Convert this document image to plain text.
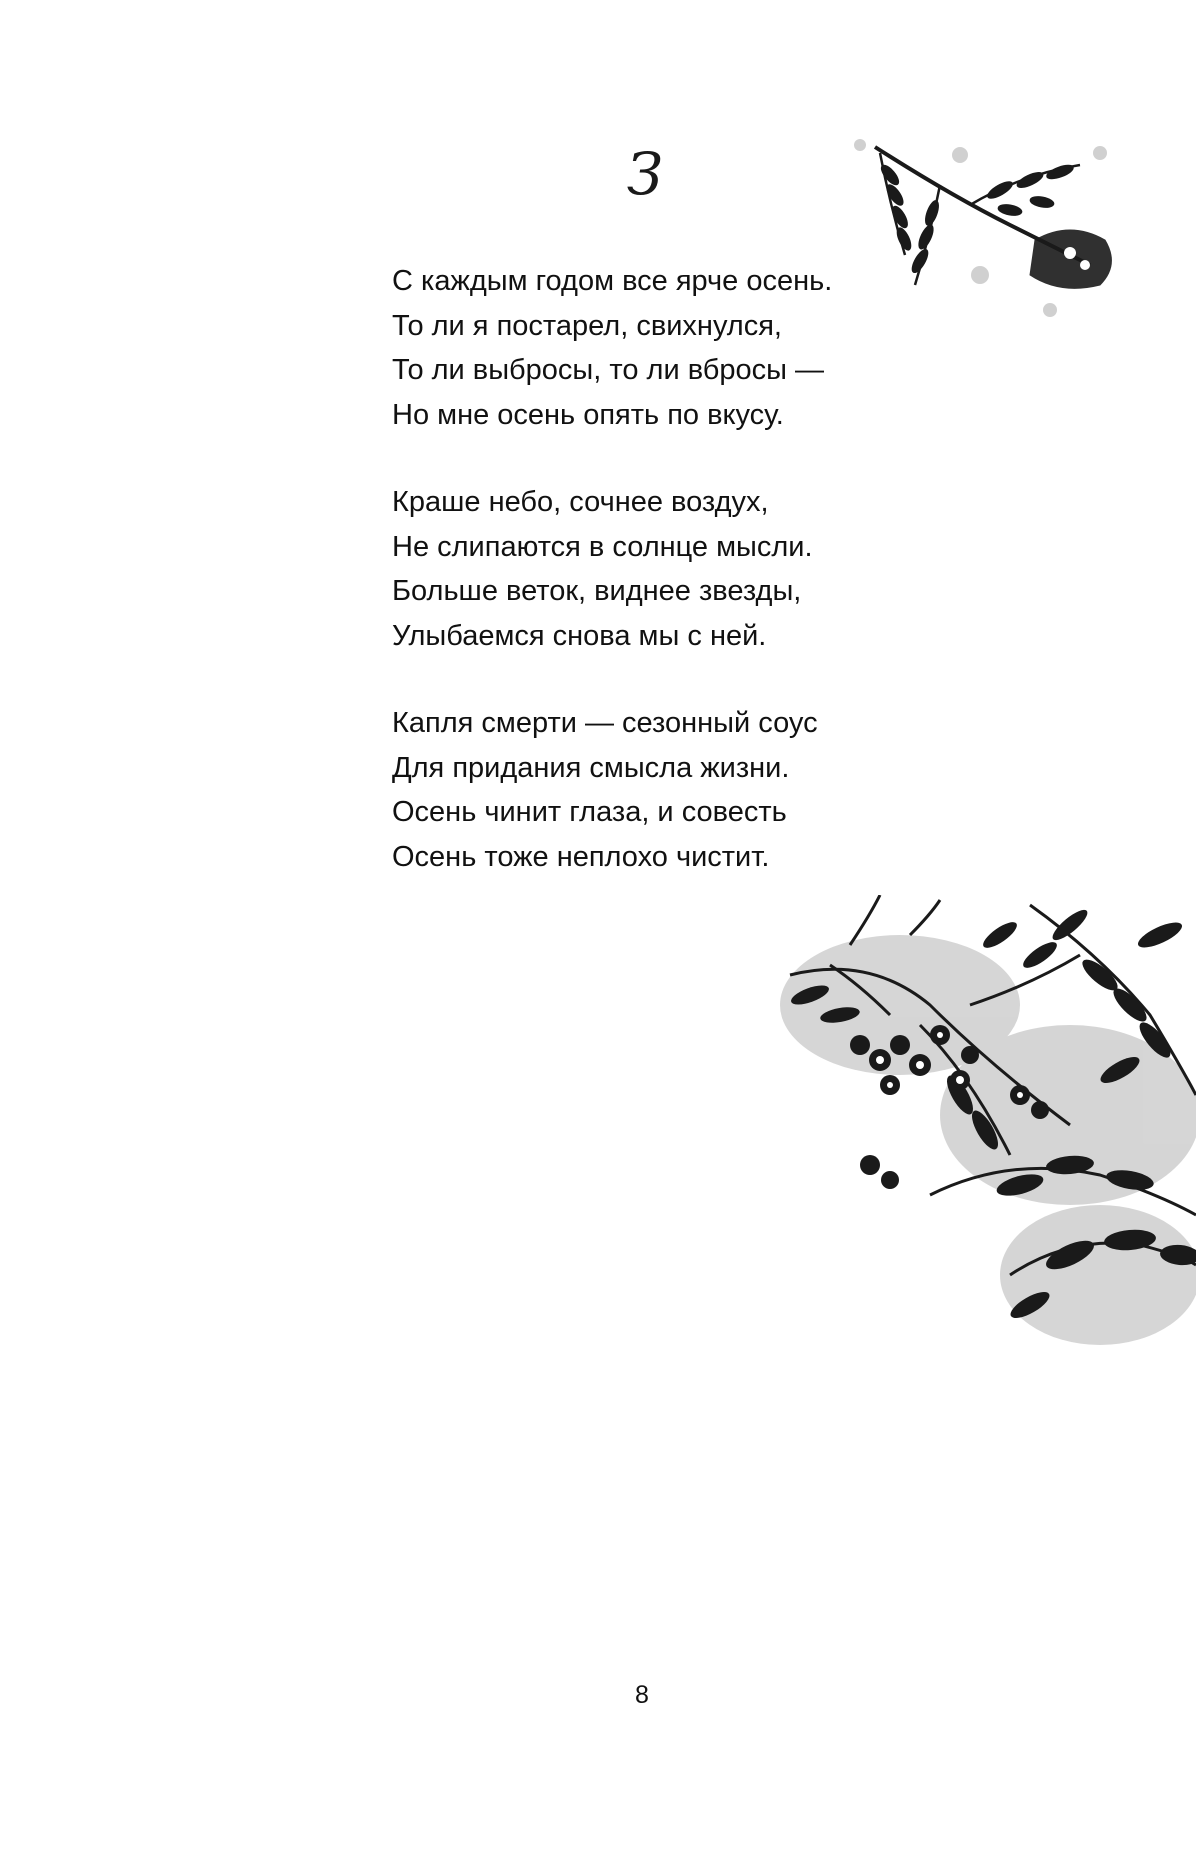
З
С каждым годом все ярче осень.
То ли я постарел, свихнулся,
То ли выбросы, то ли вбросы —
Но мне осень опять по вкусу.
Краше небо, сочнее воздух,
Не слипаются в солнце мысли.
Больше веток, виднее звезды,
Улыбаемся снова мы с ней.
Капля смерти — сезонный соус
Для придания смысла жизни.
Осень чинит глаза, и совесть
Осень тоже неплохо чистит.
8
